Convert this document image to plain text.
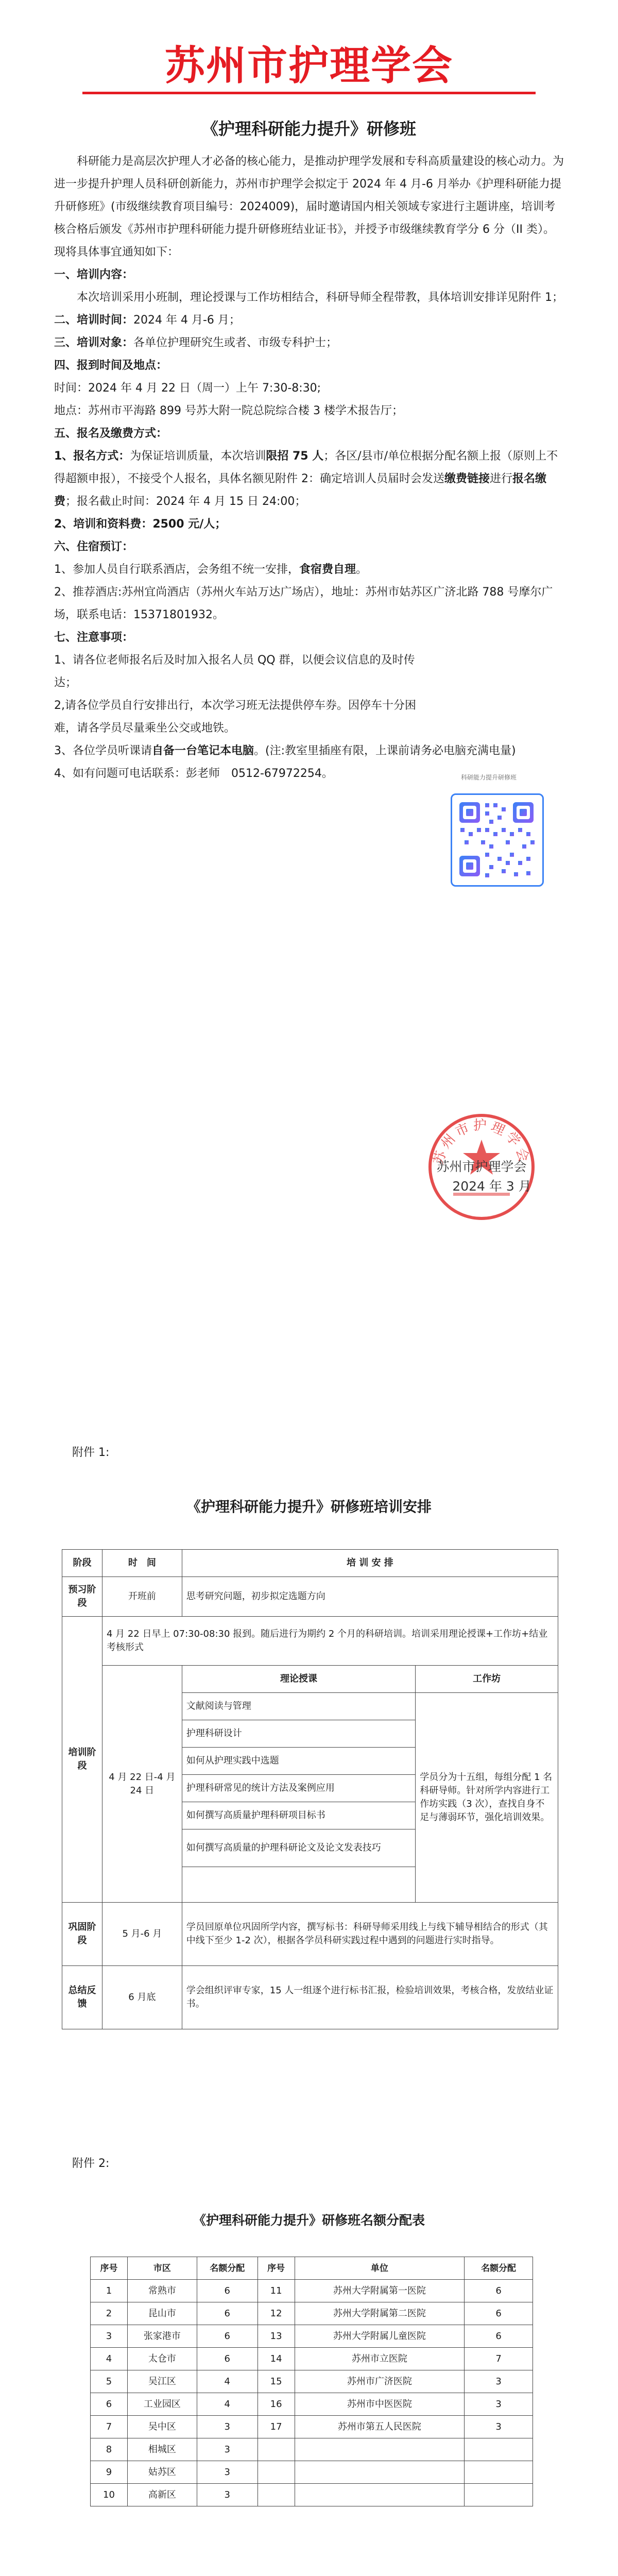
苏州市护理学会
《护理科研能力提升》研修班

科研能力是高层次护理人才必备的核心能力，是推动护理学发展和专科高质量建设的核心动力。为进一步提升护理人员科研创新能力，苏州市护理学会拟定于 2024 年 4 月-6 月举办《护理科研能力提升研修班》(市级继续教育项目编号：2024009)，届时邀请国内相关领域专家进行主题讲座，培训考核合格后颁发《苏州市护理科研能力提升研修班结业证书》，并授予市级继续教育学分 6 分（II 类）。现将具体事宜通知如下：

一、培训内容：

本次培训采用小班制，理论授课与工作坊相结合，科研导师全程带教，具体培训安排详见附件 1；

二、培训时间：2024 年 4 月-6 月；

三、培训对象：各单位护理研究生或者、市级专科护士；

四、报到时间及地点：

时间：2024 年 4 月 22 日（周一）上午 7:30-8:30;

地点：苏州市平海路 899 号苏大附一院总院综合楼 3 楼学术报告厅；

五、报名及缴费方式：

1、报名方式：为保证培训质量，本次培训限招 75 人；各区/县市/单位根据分配名额上报（原则上不得超额申报），不接受个人报名，具体名额见附件 2：确定培训人员届时会发送缴费链接进行报名缴费；报名截止时间：2024 年 4 月 15 日 24:00；

2、培训和资料费：2500 元/人；

六、住宿预订：

1、参加人员自行联系酒店，会务组不统一安排，食宿费自理。

2、推荐酒店:苏州宜尚酒店（苏州火车站万达广场店），地址：苏州市姑苏区广济北路 788 号摩尔广场，联系电话：15371801932。

七、注意事项：

1、请各位老师报名后及时加入报名人员 QQ 群，以便会议信息的及时传达；

2,请各位学员自行安排出行，本次学习班无法提供停车券。因停车十分困难，请各学员尽量乘坐公交或地铁。

3、各位学员听课请自备一台笔记本电脑。(注:教室里插座有限，上课前请务必电脑充满电量)

4、如有问题可电话联系：彭老师　0512-67972254。	科研能力提升研修班
苏州市护理学会
苏州市护理学会
2024 年 3 月
附件 1:
《护理科研能力提升》研修班培训安排
阶段	时　间	培 训 安 排	
预习阶段	开班前	思考研究问题，初步拟定选题方向	
培训阶段	4 月 22 日早上 07:30-08:30 报到。随后进行为期约 2 个月的科研培训。培训采用理论授课+工作坊+结业考核形式		
	4 月 22 日-4 月 24 日	理论授课	工作坊
		文献阅读与管理	学员分为十五组，每组分配 1 名科研导师。针对所学内容进行工作坊实践（3 次），查找自身不足与薄弱环节，强化培训效果。
		护理科研设计	
		如何从护理实践中选题	
		护理科研常见的统计方法及案例应用	
		如何撰写高质量护理科研项目标书	
		如何撰写高质量的护理科研论文及论文发表技巧	

巩固阶段	5 月-6 月	学员回原单位巩固所学内容，撰写标书：科研导师采用线上与线下辅导相结合的形式（其中线下至少 1-2 次），根据各学员科研实践过程中遇到的问题进行实时指导。	
总结反馈	6 月底	学会组织评审专家，15 人一组逐个进行标书汇报，检验培训效果，考核合格，发放结业证书。	
附件 2:
《护理科研能力提升》研修班名额分配表
序号	市区	名额分配	序号	单位	名额分配
1	常熟市	6	11	苏州大学附属第一医院	6
2	昆山市	6	12	苏州大学附属第二医院	6
3	张家港市	6	13	苏州大学附属儿童医院	6
4	太仓市	6	14	苏州市立医院	7
5	吴江区	4	15	苏州市广济医院	3
6	工业园区	4	16	苏州市中医医院	3
7	吴中区	3	17	苏州市第五人民医院	3
8	相城区	3			
9	姑苏区	3			
10	高新区	3			
